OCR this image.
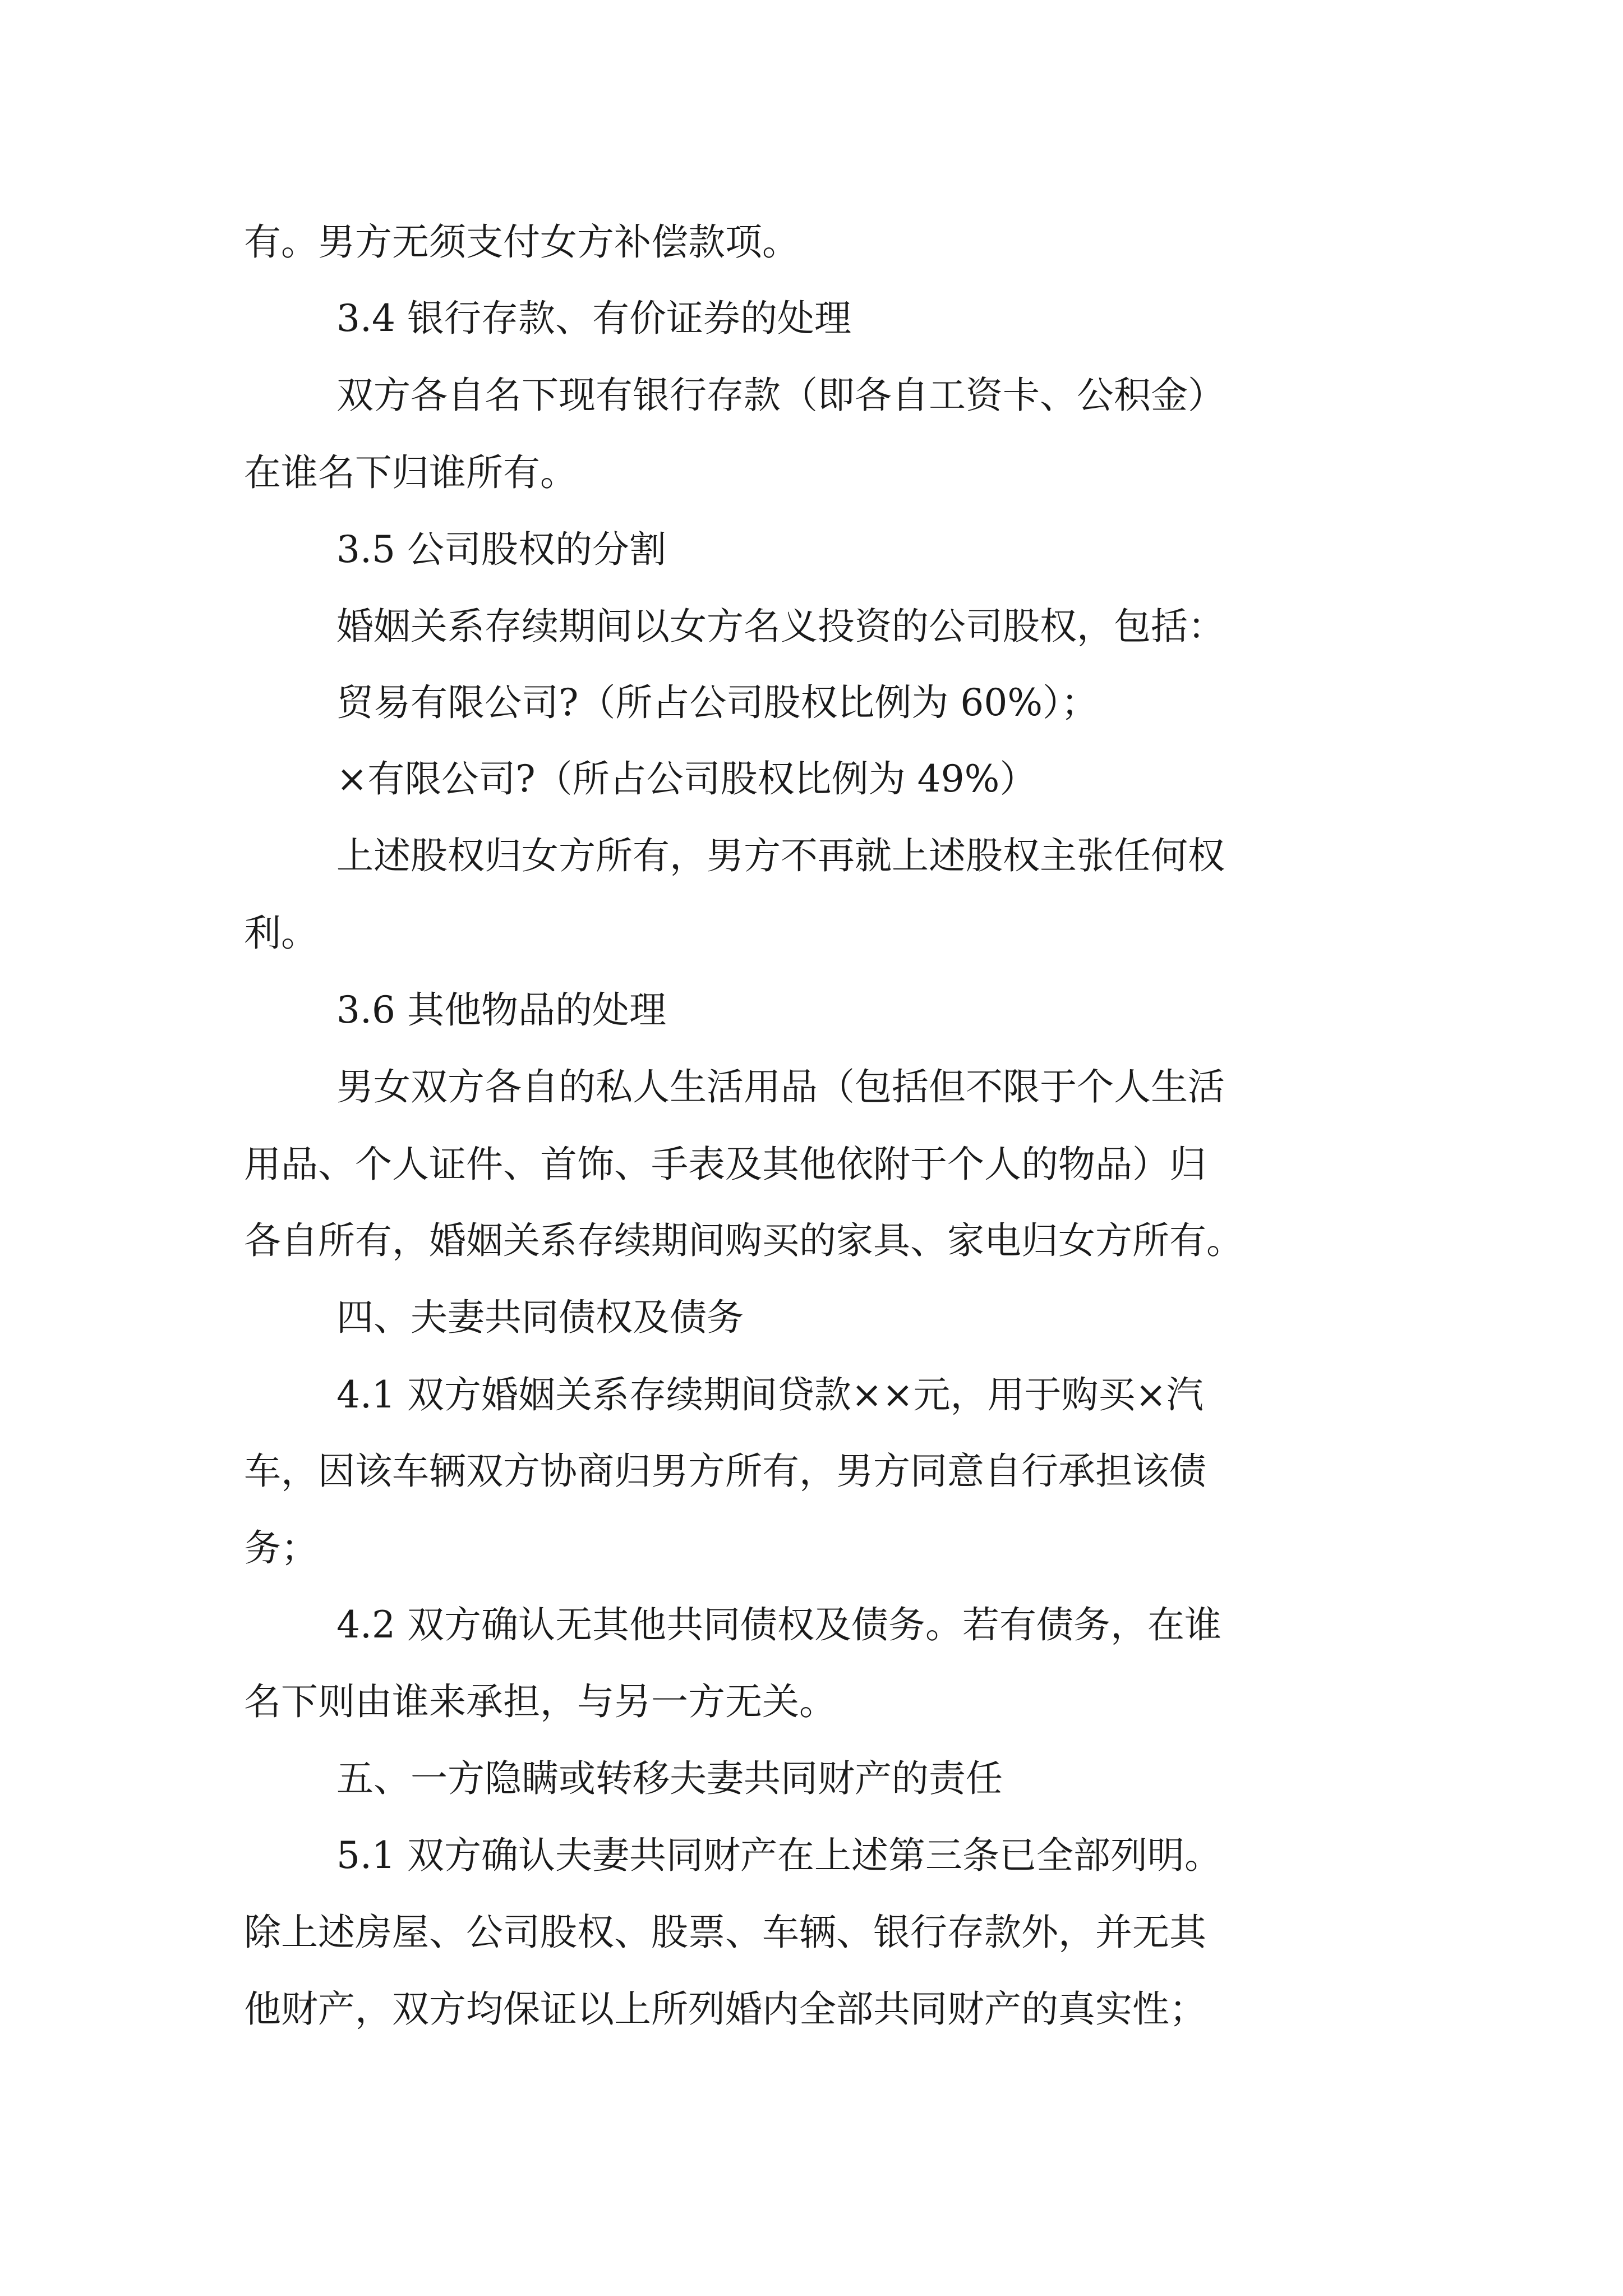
有。男方无须支付女方补偿款项。

3.4 银行存款、有价证券的处理

双方各自名下现有银行存款（即各自工资卡、公积金）

在谁名下归谁所有。

3.5 公司股权的分割

婚姻关系存续期间以女方名义投资的公司股权，包括：

贸易有限公司?（所占公司股权比例为 60%）；

×有限公司?（所占公司股权比例为 49%）

上述股权归女方所有，男方不再就上述股权主张任何权

利。

3.6 其他物品的处理

男女双方各自的私人生活用品（包括但不限于个人生活

用品、个人证件、首饰、手表及其他依附于个人的物品）归

各自所有，婚姻关系存续期间购买的家具、家电归女方所有。

四、夫妻共同债权及债务

4.1 双方婚姻关系存续期间贷款××元，用于购买×汽

车，因该车辆双方协商归男方所有，男方同意自行承担该债

务；

4.2 双方确认无其他共同债权及债务。若有债务，在谁

名下则由谁来承担，与另一方无关。

五、一方隐瞒或转移夫妻共同财产的责任

5.1 双方确认夫妻共同财产在上述第三条已全部列明。

除上述房屋、公司股权、股票、车辆、银行存款外，并无其

他财产，双方均保证以上所列婚内全部共同财产的真实性；
